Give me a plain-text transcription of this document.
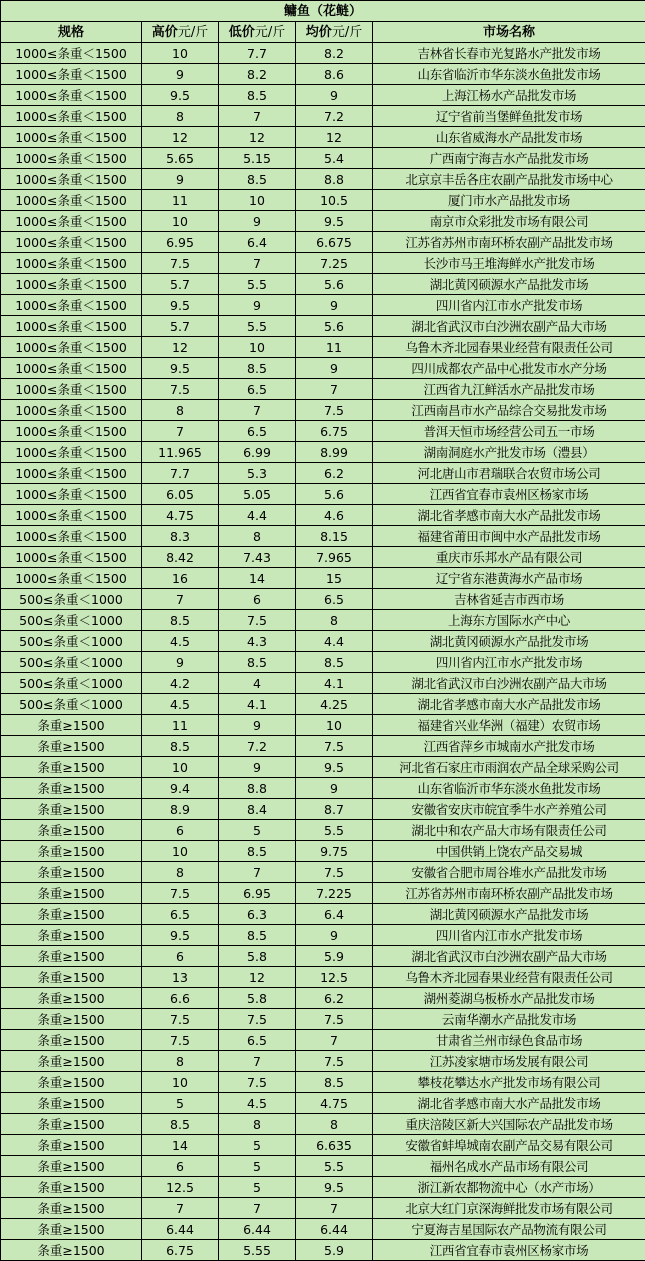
鳙鱼（花鲢）				
规格	高价元/斤	低价元/斤	均价元/斤	市场名称
1000≤条重＜1500	10	7.7	8.2	吉林省长春市光复路水产批发市场
1000≤条重＜1500	9	8.2	8.6	山东省临沂市华东淡水鱼批发市场
1000≤条重＜1500	9.5	8.5	9	上海江杨水产品批发市场
1000≤条重＜1500	8	7	7.2	辽宁省前当堡鲜鱼批发市场
1000≤条重＜1500	12	12	12	山东省威海水产品批发市场
1000≤条重＜1500	5.65	5.15	5.4	广西南宁海吉水产品批发市场
1000≤条重＜1500	9	8.5	8.8	北京京丰岳各庄农副产品批发市场中心
1000≤条重＜1500	11	10	10.5	厦门市水产品批发市场
1000≤条重＜1500	10	9	9.5	南京市众彩批发市场有限公司
1000≤条重＜1500	6.95	6.4	6.675	江苏省苏州市南环桥农副产品批发市场
1000≤条重＜1500	7.5	7	7.25	长沙市马王堆海鲜水产批发市场
1000≤条重＜1500	5.7	5.5	5.6	湖北黄冈硕源水产品批发市场
1000≤条重＜1500	9.5	9	9	四川省内江市水产批发市场
1000≤条重＜1500	5.7	5.5	5.6	湖北省武汉市白沙洲农副产品大市场
1000≤条重＜1500	12	10	11	乌鲁木齐北园春果业经营有限责任公司
1000≤条重＜1500	9.5	8.5	9	四川成都农产品中心批发市水产分场
1000≤条重＜1500	7.5	6.5	7	江西省九江鲜活水产品批发市场
1000≤条重＜1500	8	7	7.5	江西南昌市水产品综合交易批发市场
1000≤条重＜1500	7	6.5	6.75	普洱天恒市场经营公司五一市场
1000≤条重＜1500	11.965	6.99	8.99	湖南洞庭水产批发市场（澧县）
1000≤条重＜1500	7.7	5.3	6.2	河北唐山市君瑞联合农贸市场公司
1000≤条重＜1500	6.05	5.05	5.6	江西省宜春市袁州区杨家市场
1000≤条重＜1500	4.75	4.4	4.6	湖北省孝感市南大水产品批发市场
1000≤条重＜1500	8.3	8	8.15	福建省莆田市闽中水产品批发市场
1000≤条重＜1500	8.42	7.43	7.965	重庆市乐邦水产品有限公司
1000≤条重＜1500	16	14	15	辽宁省东港黄海水产品市场
500≤条重＜1000	7	6	6.5	吉林省延吉市西市场
500≤条重＜1000	8.5	7.5	8	上海东方国际水产中心
500≤条重＜1000	4.5	4.3	4.4	湖北黄冈硕源水产品批发市场
500≤条重＜1000	9	8.5	8.5	四川省内江市水产批发市场
500≤条重＜1000	4.2	4	4.1	湖北省武汉市白沙洲农副产品大市场
500≤条重＜1000	4.5	4.1	4.25	湖北省孝感市南大水产品批发市场
条重≥1500	11	9	10	福建省兴业华洲（福建）农贸市场
条重≥1500	8.5	7.2	7.5	江西省萍乡市城南水产批发市场
条重≥1500	10	9	9.5	河北省石家庄市雨润农产品全球采购公司
条重≥1500	9.4	8.8	9	山东省临沂市华东淡水鱼批发市场
条重≥1500	8.9	8.4	8.7	安徽省安庆市皖宜季牛水产养殖公司
条重≥1500	6	5	5.5	湖北中和农产品大市场有限责任公司
条重≥1500	10	8.5	9.75	中国供销上饶农产品交易城
条重≥1500	8	7	7.5	安徽省合肥市周谷堆水产品批发市场
条重≥1500	7.5	6.95	7.225	江苏省苏州市南环桥农副产品批发市场
条重≥1500	6.5	6.3	6.4	湖北黄冈硕源水产品批发市场
条重≥1500	9.5	8.5	9	四川省内江市水产批发市场
条重≥1500	6	5.8	5.9	湖北省武汉市白沙洲农副产品大市场
条重≥1500	13	12	12.5	乌鲁木齐北园春果业经营有限责任公司
条重≥1500	6.6	5.8	6.2	湖州菱湖乌板桥水产品批发市场
条重≥1500	7.5	7.5	7.5	云南华潮水产品批发市场
条重≥1500	7.5	6.5	7	甘肃省兰州市绿色食品市场
条重≥1500	8	7	7.5	江苏凌家塘市场发展有限公司
条重≥1500	10	7.5	8.5	攀枝花攀达水产批发市场有限公司
条重≥1500	5	4.5	4.75	湖北省孝感市南大水产品批发市场
条重≥1500	8.5	8	8	重庆涪陵区新大兴国际农产品批发市场
条重≥1500	14	5	6.635	安徽省蚌埠城南农副产品交易有限公司
条重≥1500	6	5	5.5	福州名成水产品市场有限公司
条重≥1500	12.5	5	9.5	浙江新农都物流中心（水产市场）
条重≥1500	7	7	7	北京大红门京深海鲜批发市场有限公司
条重≥1500	6.44	6.44	6.44	宁夏海吉星国际农产品物流有限公司
条重≥1500	6.75	5.55	5.9	江西省宜春市袁州区杨家市场
